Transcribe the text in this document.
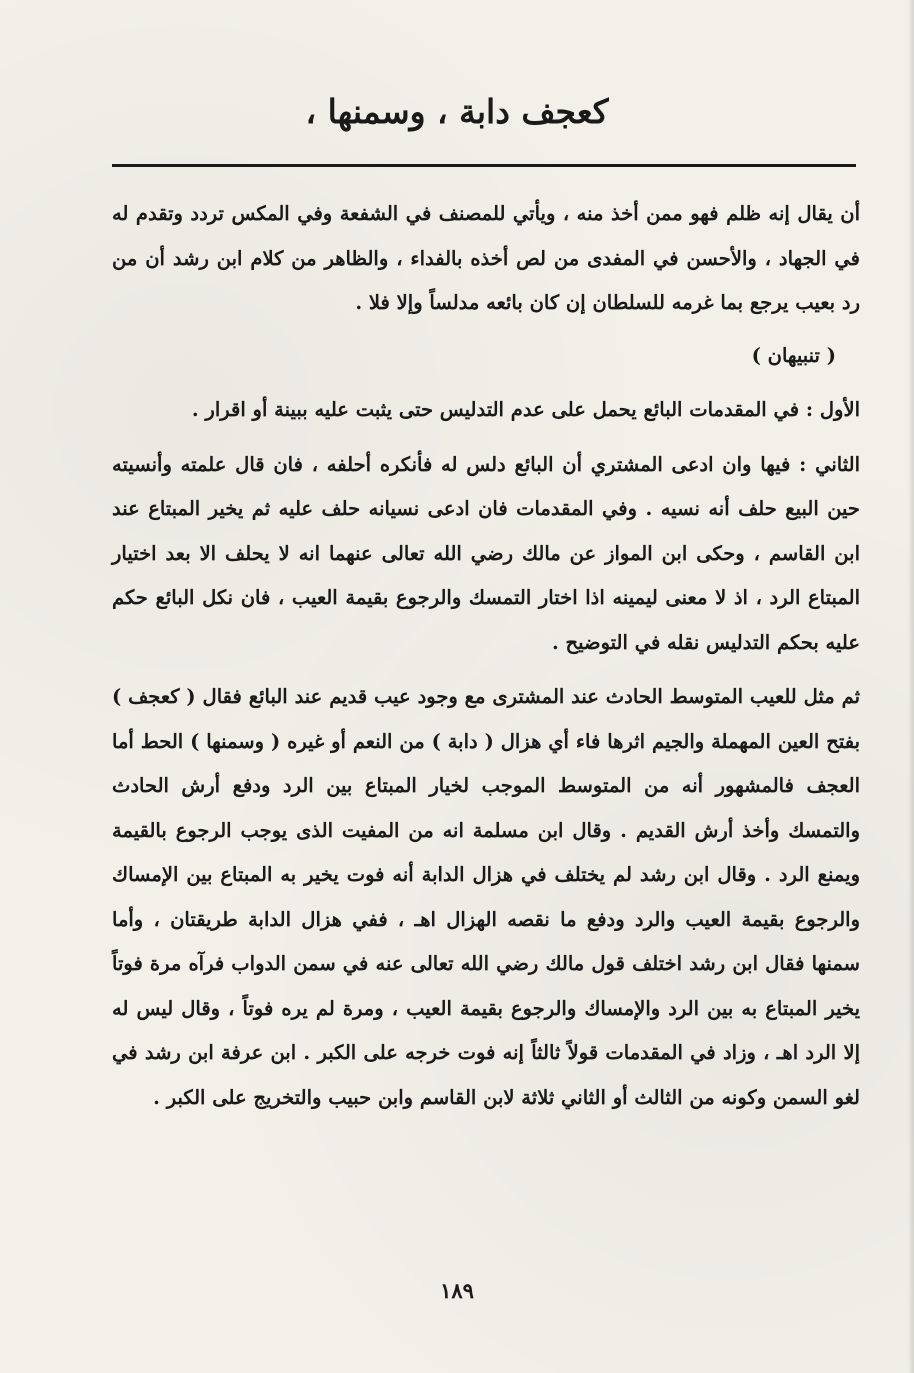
كعجف دابة ، وسمنها ،

أن يقال إنه ظلم فهو ممن أخذ منه ، ويأتي للمصنف في الشفعة وفي المكس تردد وتقدم له في الجهاد ، والأحسن في المفدى من لص أخذه بالفداء ، والظاهر من كلام ابن رشد أن من رد بعيب يرجع بما غرمه للسلطان إن كان بائعه مدلساً وإلا فلا .

( تنبيهان )

الأول : في المقدمات البائع يحمل على عدم التدليس حتى يثبت عليه ببينة أو اقرار .

الثاني : فيها وان ادعى المشتري أن البائع دلس له فأنكره أحلفه ، فان قال علمته وأنسيته حين البيع حلف أنه نسيه . وفي المقدمات فان ادعى نسيانه حلف عليه ثم يخير المبتاع عند ابن القاسم ، وحكى ابن المواز عن مالك رضي الله تعالى عنهما انه لا يحلف الا بعد اختيار المبتاع الرد ، اذ لا معنى ليمينه اذا اختار التمسك والرجوع بقيمة العيب ، فان نكل البائع حكم عليه بحكم التدليس نقله في التوضيح .

ثم مثل للعيب المتوسط الحادث عند المشترى مع وجود عيب قديم عند البائع فقال ( كعجف ) بفتح العين المهملة والجيم اثرها فاء أي هزال ( دابة ) من النعم أو غيره ( وسمنها ) الحط أما العجف فالمشهور أنه من المتوسط الموجب لخيار المبتاع بين الرد ودفع أرش الحادث والتمسك وأخذ أرش القديم . وقال ابن مسلمة انه من المفيت الذى يوجب الرجوع بالقيمة ويمنع الرد . وقال ابن رشد لم يختلف في هزال الدابة أنه فوت يخير به المبتاع بين الإمساك والرجوع بقيمة العيب والرد ودفع ما نقصه الهزال اهـ ، ففي هزال الدابة طريقتان ، وأما سمنها فقال ابن رشد اختلف قول مالك رضي الله تعالى عنه في سمن الدواب فرآه مرة فوتاً يخير المبتاع به بين الرد والإمساك والرجوع بقيمة العيب ، ومرة لم يره فوتاً ، وقال ليس له إلا الرد اهـ ، وزاد في المقدمات قولاً ثالثاً إنه فوت خرجه على الكبر . ابن عرفة ابن رشد في لغو السمن وكونه من الثالث أو الثاني ثلاثة لابن القاسم وابن حبيب والتخريج على الكبر .

١٨٩
